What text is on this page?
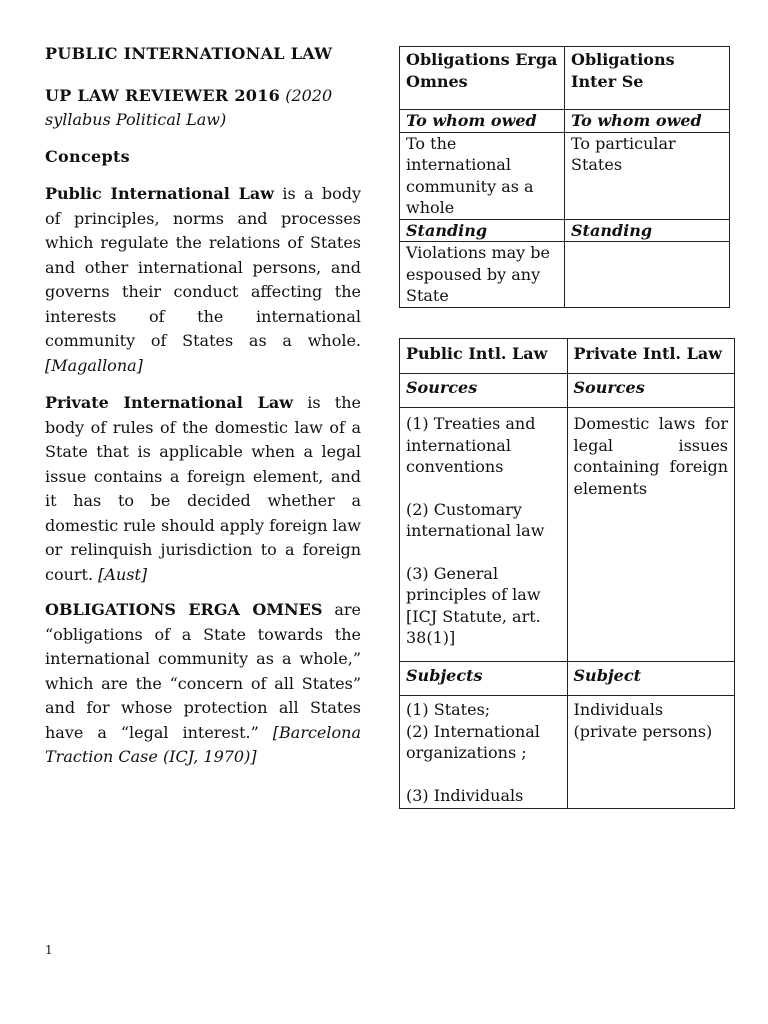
PUBLIC INTERNATIONAL LAW

UP LAW REVIEWER 2016 (2020
syllabus Political Law)

Concepts

Public International Law is a body of principles, norms and processes which regulate the relations of States and other international persons, and governs their conduct affecting the interests of the international community of States as a whole. [Magallona]

Private International Law is the body of rules of the domestic law of a State that is applicable when a legal issue contains a foreign element, and it has to be decided whether a domestic rule should apply foreign law or relinquish jurisdiction to a foreign court. [Aust]

OBLIGATIONS ERGA OMNES are “obligations of a State towards the international community as a whole,” which are the “concern of all States” and for whose protection all States have a “legal interest.” [Barcelona Traction Case (ICJ, 1970)]

Obligations Erga Omnes	Obligations Inter Se
To whom owed	To whom owed
To the international community as a whole	To particular States
Standing	Standing
Violations may be espoused by any State	
Public Intl. Law	Private Intl. Law
Sources	Sources

(1) Treaties and international conventions
(2) Customary international law
(3) General principles of law [ICJ Statute, art. 38(1)]	Domestic laws for legal issues containing foreign elements
Subjects	Subject

(1) States;
(2) International organizations ;
(3) Individuals	Individuals (private persons)
1
